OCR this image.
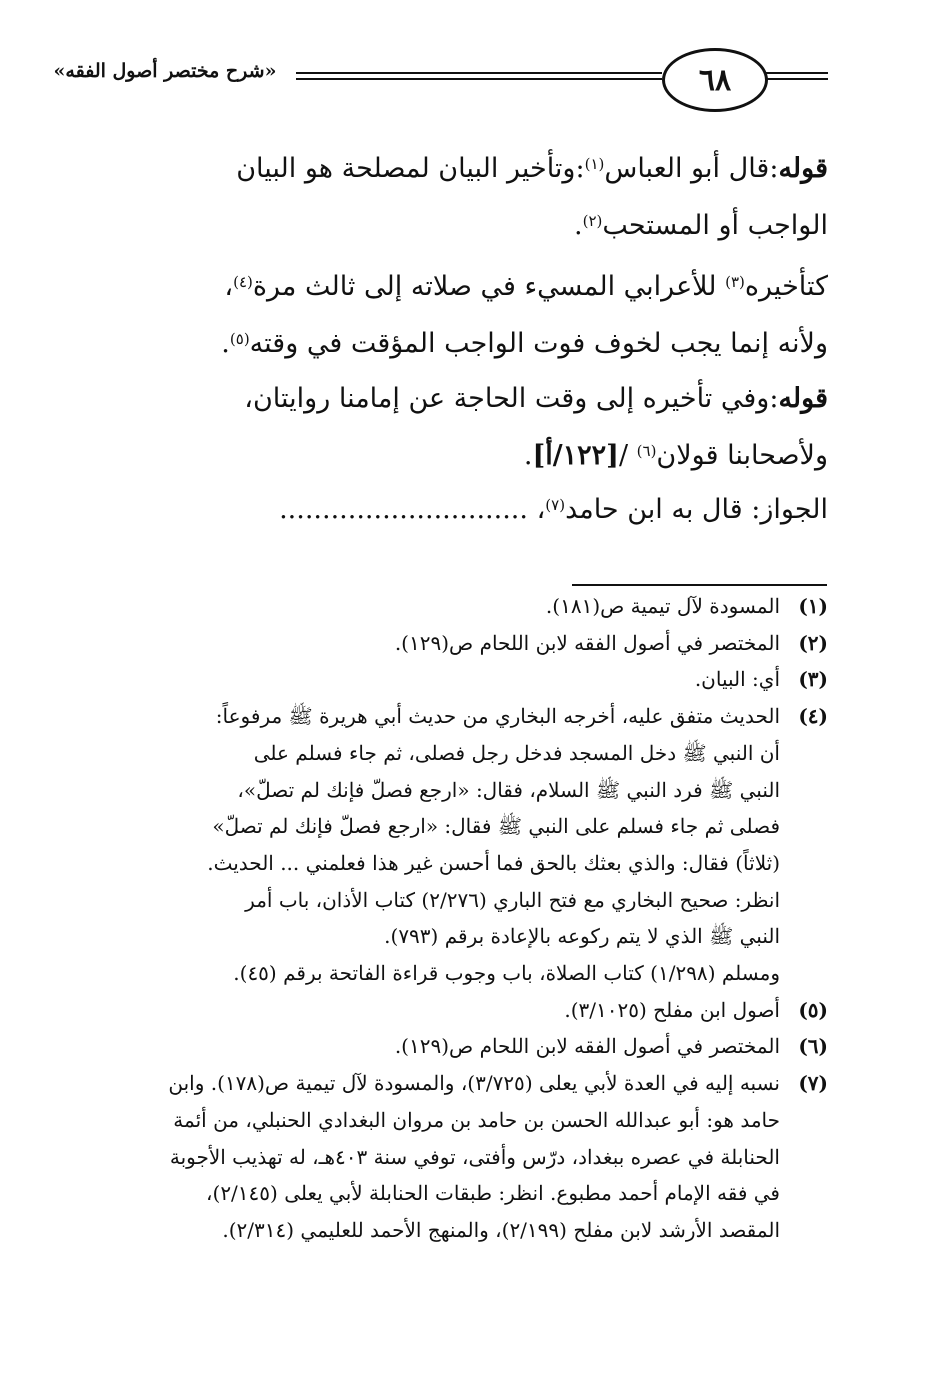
«شرح مختصر أصول الفقه»	٦٨
قوله:قال أبو العباس$^{(١)}$:وتأخير البيان لمصلحة هو البيان
الواجب أو المستحب$^{(٢)}$.
كتأخيره$^{(٣)}$ للأعرابي المسيء في صلاته إلى ثالث مرة$^{(٤)}$،
ولأنه إنما يجب لخوف فوت الواجب المؤقت في وقته$^{(٥)}$.
قوله:وفي تأخيره إلى وقت الحاجة عن إمامنا روايتان،
ولأصحابنا قولان$^{(٦)}$ /[١٢٢/أ].
الجواز: قال به ابن حامد$^{(٧)}$، .............................
(١)
المسودة لآل تيمية ص(١٨١).
(٢)
المختصر في أصول الفقه لابن اللحام ص(١٢٩).
(٣)
أي: البيان.
(٤)
الحديث متفق عليه، أخرجه البخاري من حديث أبي هريرة ﷺ مرفوعاً:
أن النبي ﷺ دخل المسجد فدخل رجل فصلى، ثم جاء فسلم على
النبي ﷺ فرد النبي ﷺ السلام، فقال: «ارجع فصلّ فإنك لم تصلّ»،
فصلى ثم جاء فسلم على النبي ﷺ فقال: «ارجع فصلّ فإنك لم تصلّ»
(ثلاثاً) فقال: والذي بعثك بالحق فما أحسن غير هذا فعلمني ... الحديث.
انظر: صحيح البخاري مع فتح الباري (٢/٢٧٦) كتاب الأذان، باب أمر
النبي ﷺ الذي لا يتم ركوعه بالإعادة برقم (٧٩٣).
ومسلم (١/٢٩٨) كتاب الصلاة، باب وجوب قراءة الفاتحة برقم (٤٥).
(٥)
أصول ابن مفلح (٣/١٠٢٥).
(٦)
المختصر في أصول الفقه لابن اللحام ص(١٢٩).
(٧)
نسبه إليه في العدة لأبي يعلى (٣/٧٢٥)، والمسودة لآل تيمية ص(١٧٨). وابن
حامد هو: أبو عبدالله الحسن بن حامد بن مروان البغدادي الحنبلي، من أئمة
الحنابلة في عصره ببغداد، درّس وأفتى، توفي سنة ٤٠٣هـ، له تهذيب الأجوبة
في فقه الإمام أحمد مطبوع. انظر: طبقات الحنابلة لأبي يعلى (٢/١٤٥)،
المقصد الأرشد لابن مفلح (٢/١٩٩)، والمنهج الأحمد للعليمي (٢/٣١٤).
